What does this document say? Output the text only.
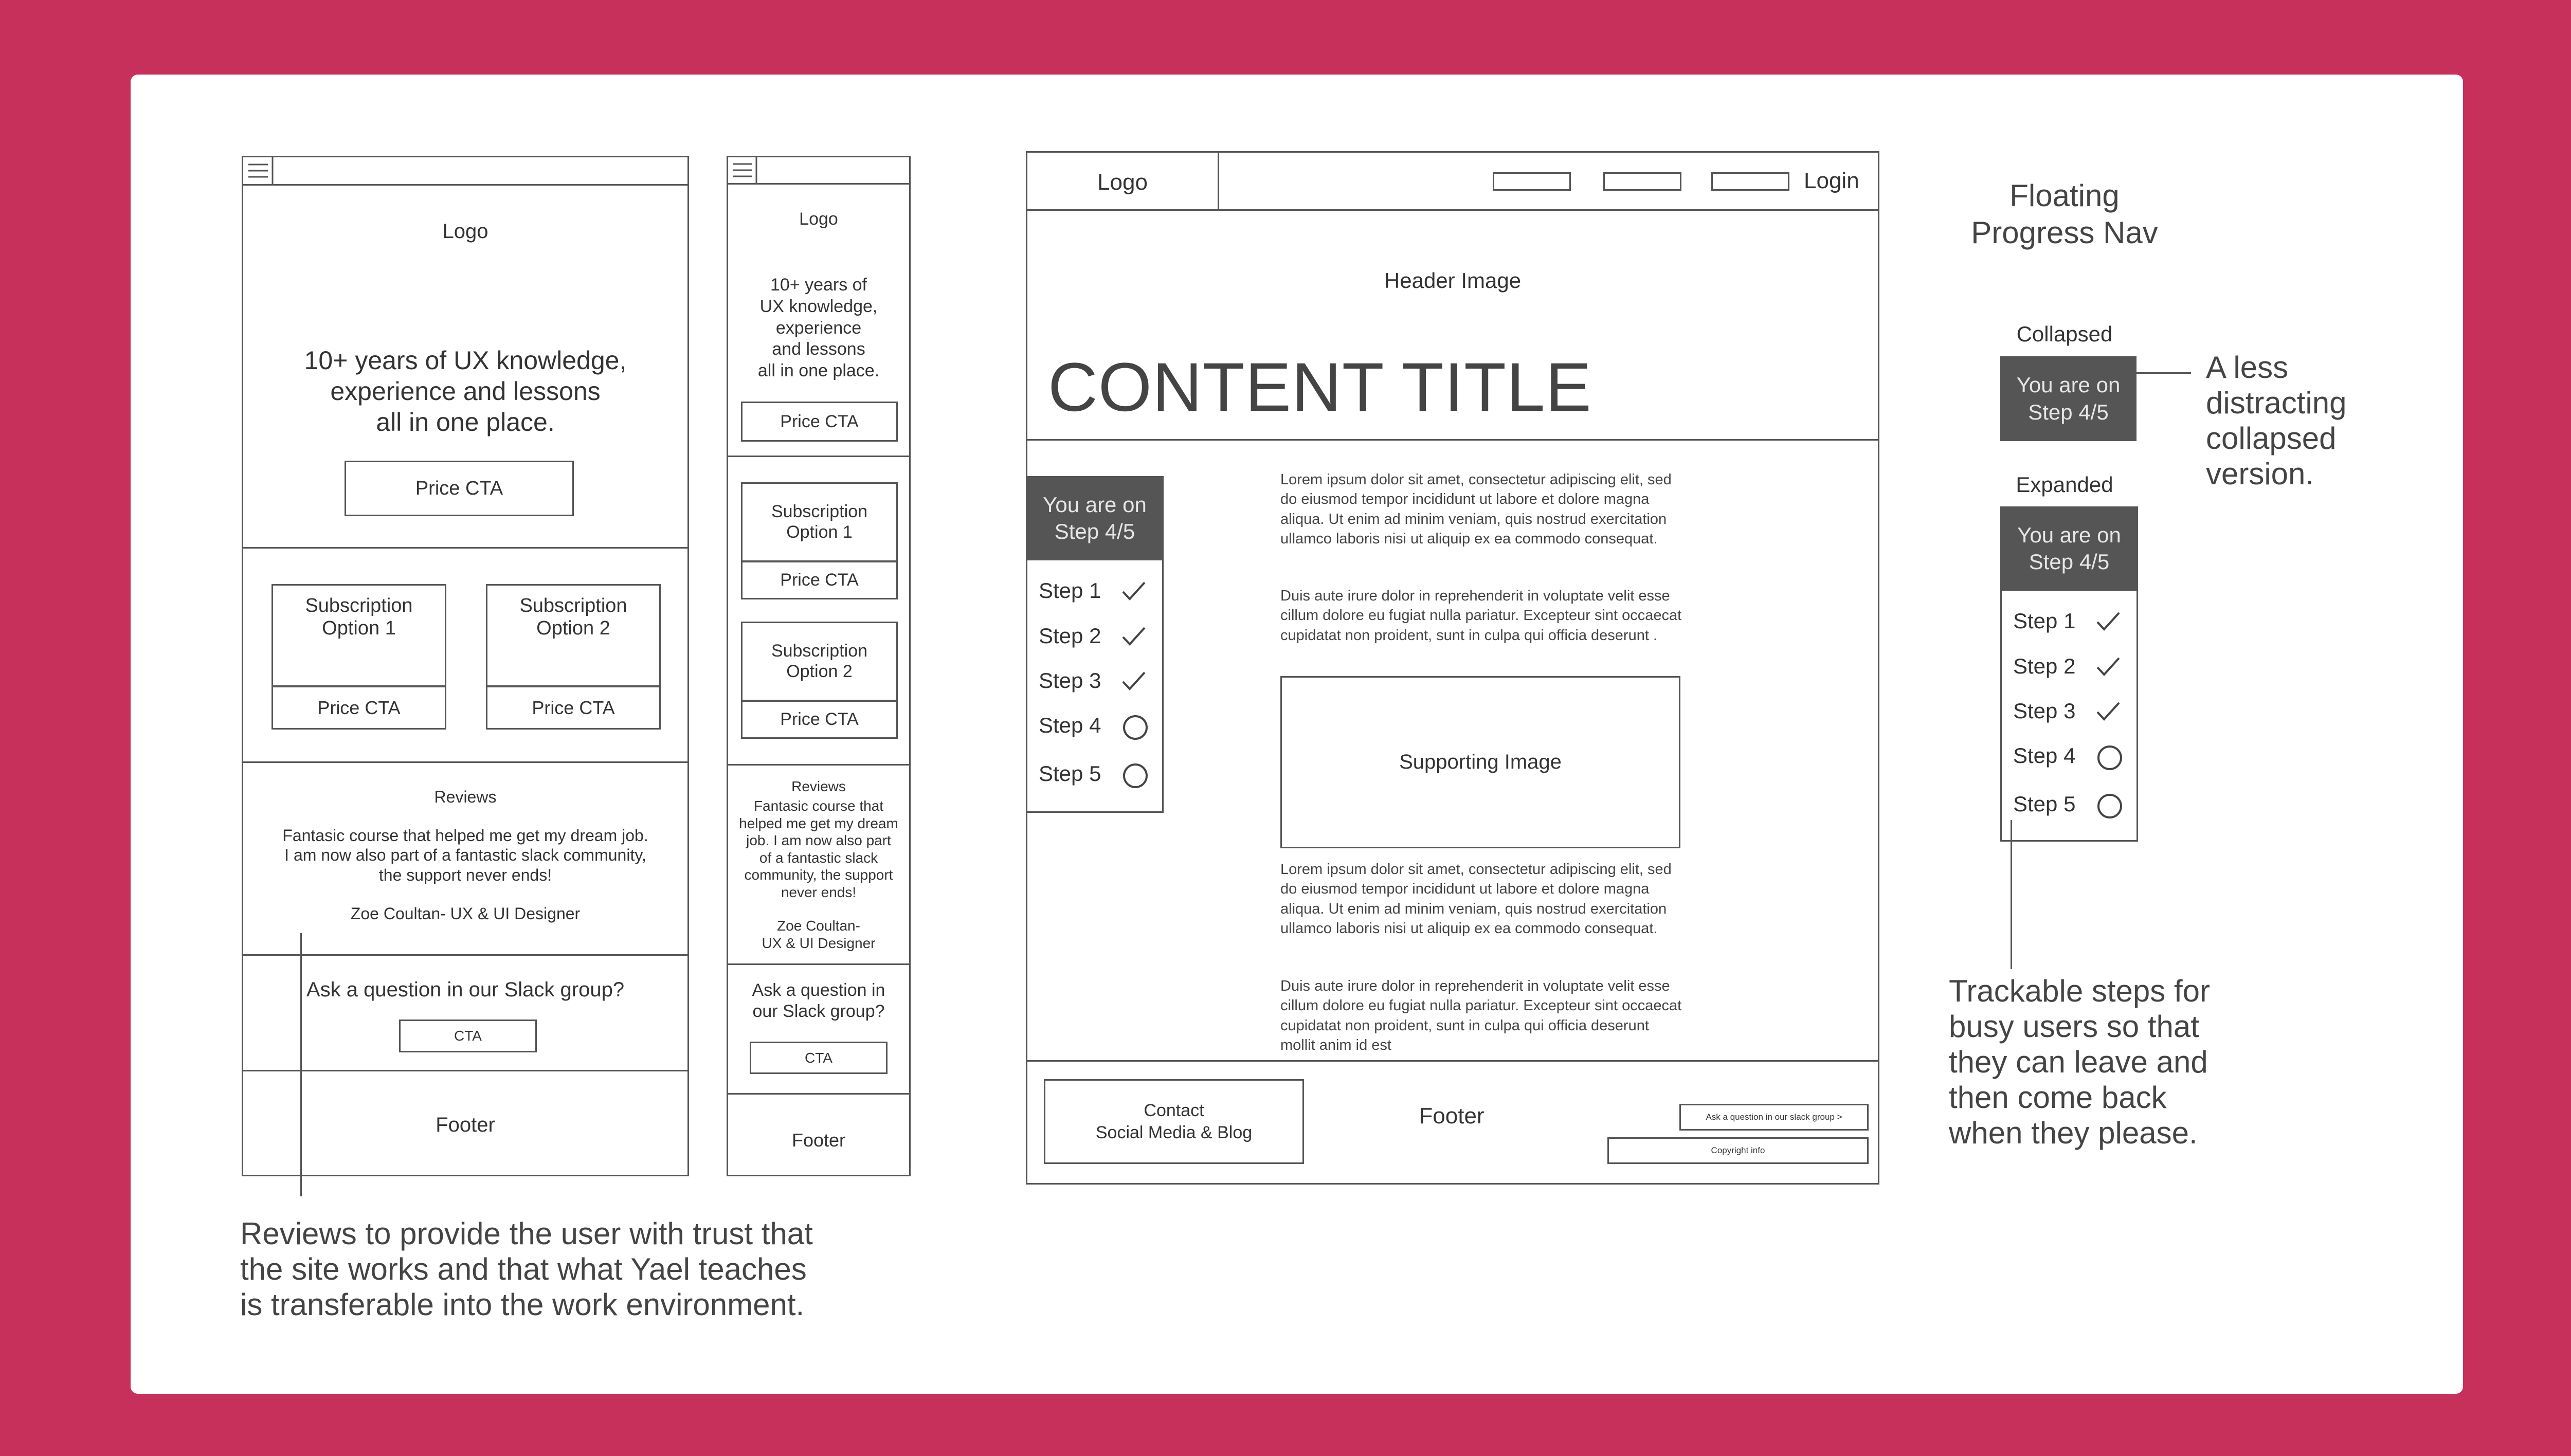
Logo
10+ years of UX knowledge,
experience and lessons
all in one place.
Price CTA
Subscription
Option 1
Price CTA
Subscription
Option 2
Price CTA
Reviews
Fantasic course that helped me get my dream job.
I am now also part of a fantastic slack community,
the support never ends!
Zoe Coultan- UX & UI Designer
Ask a question in our Slack group?
CTA
Footer
Logo
10+ years of
UX knowledge,
experience
and lessons
all in one place.
Price CTA
Subscription
Option 1
Price CTA
Subscription
Option 2
Price CTA
Reviews
Fantasic course that
helped me get my dream
job. I am now also part
of a fantastic slack
community, the support
never ends!
Zoe Coultan-
UX & UI Designer
Ask a question in
our Slack group?
CTA
Footer
Logo	Login
Header Image
CONTENT TITLE
Lorem ipsum dolor sit amet, consectetur adipiscing elit, sed do eiusmod tempor incididunt ut labore et dolore magna aliqua. Ut enim ad minim veniam, quis nostrud exercitation ullamco laboris nisi ut aliquip ex ea commodo consequat.
Duis aute irure dolor in reprehenderit in voluptate velit esse cillum dolore eu fugiat nulla pariatur. Excepteur sint occaecat cupidatat non proident, sunt in culpa qui officia deserunt .
Supporting Image
Lorem ipsum dolor sit amet, consectetur adipiscing elit, sed do eiusmod tempor incididunt ut labore et dolore magna aliqua. Ut enim ad minim veniam, quis nostrud exercitation ullamco laboris nisi ut aliquip ex ea commodo consequat.
Duis aute irure dolor in reprehenderit in voluptate velit esse cillum dolore eu fugiat nulla pariatur. Excepteur sint occaecat cupidatat non proident, sunt in culpa qui officia deserunt mollit anim id est
Contact
Social Media & Blog
Footer	Ask a question in our slack group >
Copyright info
You are on
Step 4/5
Step 1
Step 2
Step 3
Step 4
Step 5
Floating
Progress Nav
Collapsed
You are on
Step 4/5
A less
distracting
collapsed
version.
Expanded
You are on
Step 4/5
Step 1
Step 2
Step 3
Step 4
Step 5
Trackable steps for
busy users so that
they can leave and
then come back
when they please.
Reviews to provide the user with trust that
the site works and that what Yael teaches
is transferable into the work environment.
